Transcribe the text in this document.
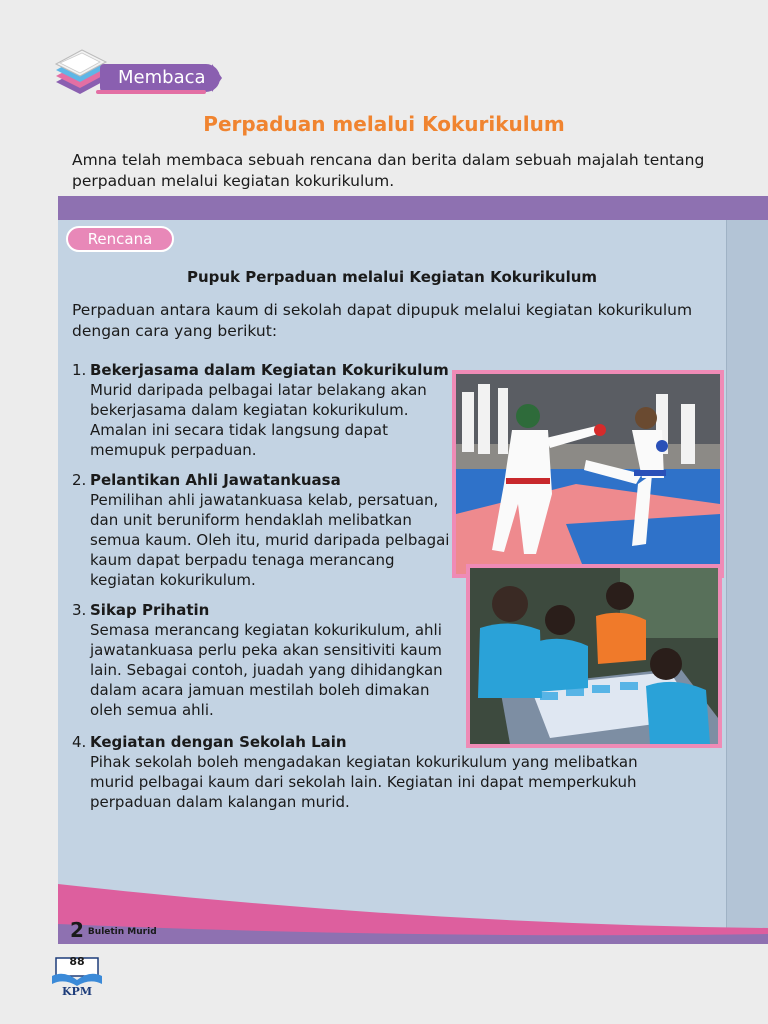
Membaca
Perpaduan melalui Kokurikulum
Amna telah membaca sebuah rencana dan berita dalam sebuah majalah tentang perpaduan melalui kegiatan kokurikulum.
Rencana
Pupuk Perpaduan melalui Kegiatan Kokurikulum
Perpaduan antara kaum di sekolah dapat dipupuk melalui kegiatan kokurikulum dengan cara yang berikut:
1. Bekerjasama dalam Kegiatan Kokurikulum
Murid daripada pelbagai latar belakang akan bekerjasama dalam kegiatan kokurikulum. Amalan ini secara tidak langsung dapat memupuk perpaduan.
2. Pelantikan Ahli Jawatankuasa
Pemilihan ahli jawatankuasa kelab, persatuan, dan unit beruniform hendaklah melibatkan semua kaum. Oleh itu, murid daripada pelbagai kaum dapat berpadu tenaga merancang kegiatan kokurikulum.
3. Sikap Prihatin
Semasa merancang kegiatan kokurikulum, ahli jawatankuasa perlu peka akan sensitiviti kaum lain. Sebagai contoh, juadah yang dihidangkan dalam acara jamuan mestilah boleh dimakan oleh semua ahli.
4. Kegiatan dengan Sekolah Lain
Pihak sekolah boleh mengadakan kegiatan kokurikulum yang melibatkan murid pelbagai kaum dari sekolah lain. Kegiatan ini dapat memperkukuh perpaduan dalam kalangan murid.
2 Buletin Murid
88
KPM
